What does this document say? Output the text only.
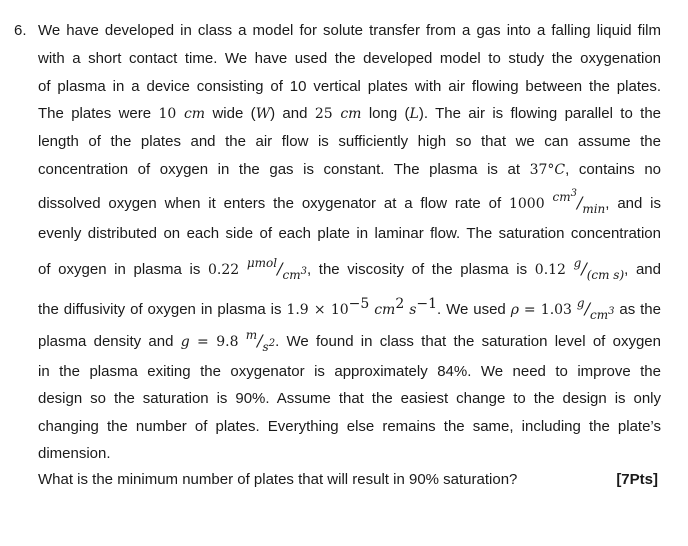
6. We have developed in class a model for solute transfer from a gas into a falling liquid film
with a short contact time. We have used the developed model to study the oxygenation
of plasma in a device consisting of 10 vertical plates with air flowing between the plates.
The plates were 10 cm wide (W) and 25 cm long (L). The air is flowing parallel to the
length of the plates and the air flow is sufficiently high so that we can assume the
concentration of oxygen in the gas is constant. The plasma is at 37°C, contains no
dissolved oxygen when it enters the oxygenator at a flow rate of 1000 $cm^3/\min$, and is
evenly distributed on each side of each plate in laminar flow. The saturation concentration
of oxygen in plasma is 0.22 μmol/$cm^3$, the viscosity of the plasma is 0.12 g/(cm s), and
the diffusivity of oxygen in plasma is $1.9 \times 10^{-5}$ $cm^2$ $s^{-1}$. We used ρ = 1.03 $g/cm^3$ as the
plasma density and g = 9.8 $m/s^2$. We found in class that the saturation level of oxygen
in the plasma exiting the oxygenator is approximately 84%. We need to improve the
design so the saturation is 90%. Assume that the easiest change to the design is only
changing the number of plates. Everything else remains the same, including the plate’s
dimension.
What is the minimum number of plates that will result in 90% saturation?	[7Pts]
